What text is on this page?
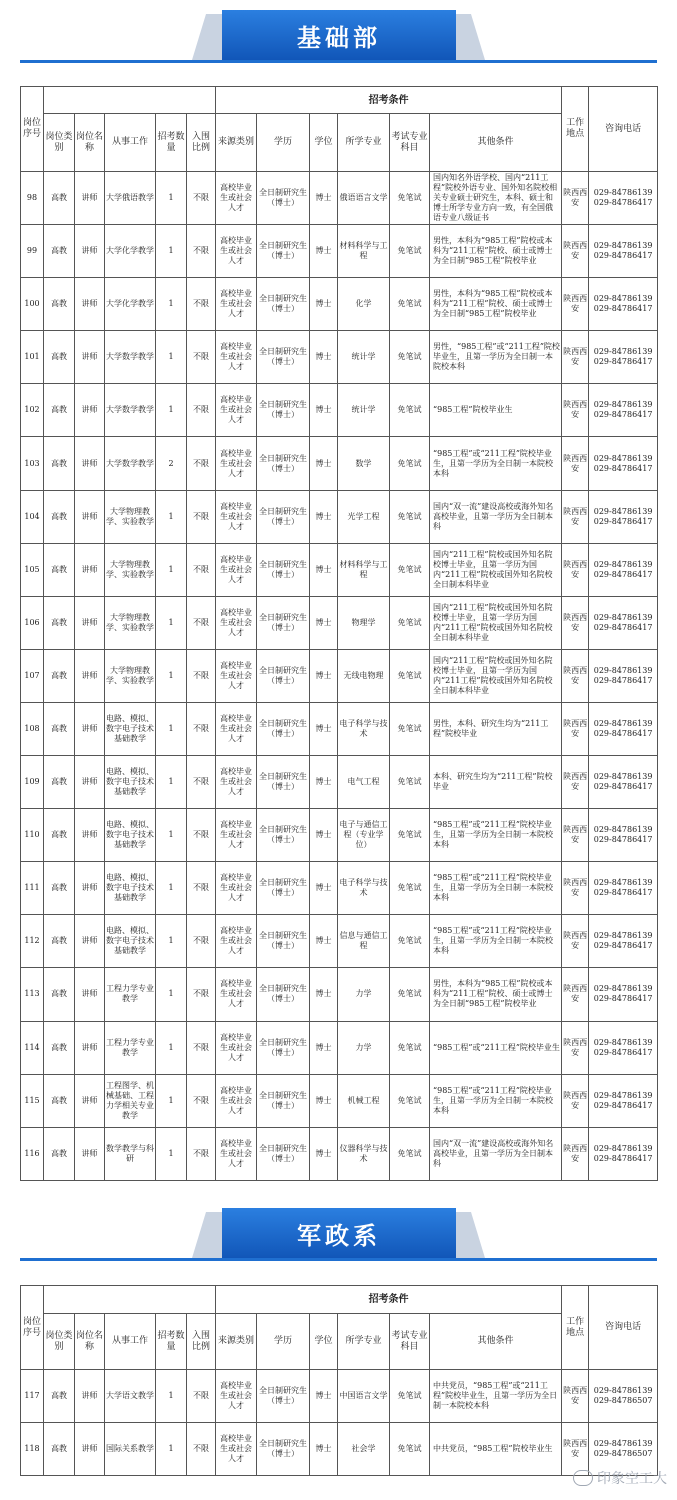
基础部
岗位序号						招考条件						工作地点	咨询电话
	岗位类别	岗位名称	从事工作	招考数量	入围比例	来源类别	学历	学位	所学专业	考试专业科目	其他条件		
98	高教	讲师	大学俄语教学	1	不限	高校毕业生或社会人才	全日制研究生（博士）	博士	俄语语言文学	免笔试	国内知名外语学校、国内“211工程”院校外语专业、国外知名院校相关专业硕士研究生，本科、硕士和博士所学专业方向一致，有全国俄语专业八级证书	陕西西安	029-84786139
029-84786417

99	高教	讲师	大学化学教学	1	不限	高校毕业生或社会人才	全日制研究生（博士）	博士	材料科学与工程	免笔试	男性，本科为“985工程”院校或本科为“211工程”院校、硕士或博士为全日制“985工程”院校毕业	陕西西安	029-84786139
029-84786417

100	高教	讲师	大学化学教学	1	不限	高校毕业生或社会人才	全日制研究生（博士）	博士	化学	免笔试	男性，本科为“985工程”院校或本科为“211工程”院校、硕士或博士为全日制“985工程”院校毕业	陕西西安	029-84786139
029-84786417

101	高教	讲师	大学数学教学	1	不限	高校毕业生或社会人才	全日制研究生（博士）	博士	统计学	免笔试	男性，“985工程”或“211工程”院校毕业生，且第一学历为全日制一本院校本科	陕西西安	029-84786139
029-84786417

102	高教	讲师	大学数学教学	1	不限	高校毕业生或社会人才	全日制研究生（博士）	博士	统计学	免笔试	“985工程”院校毕业生	陕西西安	029-84786139
029-84786417

103	高教	讲师	大学数学教学	2	不限	高校毕业生或社会人才	全日制研究生（博士）	博士	数学	免笔试	“985工程”或“211工程”院校毕业生，且第一学历为全日制一本院校本科	陕西西安	029-84786139
029-84786417

104	高教	讲师	大学物理教学、实验教学	1	不限	高校毕业生或社会人才	全日制研究生（博士）	博士	光学工程	免笔试	国内“双一流”建设高校或海外知名高校毕业，且第一学历为全日制本科	陕西西安	029-84786139
029-84786417

105	高教	讲师	大学物理教学、实验教学	1	不限	高校毕业生或社会人才	全日制研究生（博士）	博士	材料科学与工程	免笔试	国内“211工程”院校或国外知名院校博士毕业，且第一学历为国内“211工程”院校或国外知名院校全日制本科毕业	陕西西安	029-84786139
029-84786417

106	高教	讲师	大学物理教学、实验教学	1	不限	高校毕业生或社会人才	全日制研究生（博士）	博士	物理学	免笔试	国内“211工程”院校或国外知名院校博士毕业，且第一学历为国内“211工程”院校或国外知名院校全日制本科毕业	陕西西安	029-84786139
029-84786417

107	高教	讲师	大学物理教学、实验教学	1	不限	高校毕业生或社会人才	全日制研究生（博士）	博士	无线电物理	免笔试	国内“211工程”院校或国外知名院校博士毕业，且第一学历为国内“211工程”院校或国外知名院校全日制本科毕业	陕西西安	029-84786139
029-84786417

108	高教	讲师	电路、模拟、数字电子技术基础教学	1	不限	高校毕业生或社会人才	全日制研究生（博士）	博士	电子科学与技术	免笔试	男性，本科、研究生均为“211工程”院校毕业	陕西西安	029-84786139
029-84786417

109	高教	讲师	电路、模拟、数字电子技术基础教学	1	不限	高校毕业生或社会人才	全日制研究生（博士）	博士	电气工程	免笔试	本科、研究生均为“211工程”院校毕业	陕西西安	029-84786139
029-84786417

110	高教	讲师	电路、模拟、数字电子技术基础教学	1	不限	高校毕业生或社会人才	全日制研究生（博士）	博士	电子与通信工程（专业学位）	免笔试	“985工程”或“211工程”院校毕业生，且第一学历为全日制一本院校本科	陕西西安	029-84786139
029-84786417

111	高教	讲师	电路、模拟、数字电子技术基础教学	1	不限	高校毕业生或社会人才	全日制研究生（博士）	博士	电子科学与技术	免笔试	“985工程”或“211工程”院校毕业生，且第一学历为全日制一本院校本科	陕西西安	029-84786139
029-84786417

112	高教	讲师	电路、模拟、数字电子技术基础教学	1	不限	高校毕业生或社会人才	全日制研究生（博士）	博士	信息与通信工程	免笔试	“985工程”或“211工程”院校毕业生，且第一学历为全日制一本院校本科	陕西西安	029-84786139
029-84786417

113	高教	讲师	工程力学专业教学	1	不限	高校毕业生或社会人才	全日制研究生（博士）	博士	力学	免笔试	男性，本科为“985工程”院校或本科为“211工程”院校、硕士或博士为全日制“985工程”院校毕业	陕西西安	029-84786139
029-84786417

114	高教	讲师	工程力学专业教学	1	不限	高校毕业生或社会人才	全日制研究生（博士）	博士	力学	免笔试	“985工程”或“211工程”院校毕业生	陕西西安	029-84786139
029-84786417

115	高教	讲师	工程图学、机械基础、工程力学相关专业教学	1	不限	高校毕业生或社会人才	全日制研究生（博士）	博士	机械工程	免笔试	“985工程”或“211工程”院校毕业生，且第一学历为全日制一本院校本科	陕西西安	029-84786139
029-84786417

116	高教	讲师	数学教学与科研	1	不限	高校毕业生或社会人才	全日制研究生（博士）	博士	仪器科学与技术	免笔试	国内“双一流”建设高校或海外知名高校毕业，且第一学历为全日制本科	陕西西安	029-84786139
029-84786417
军政系
岗位序号						招考条件						工作地点	咨询电话
	岗位类别	岗位名称	从事工作	招考数量	入围比例	来源类别	学历	学位	所学专业	考试专业科目	其他条件		
117	高教	讲师	大学语文教学	1	不限	高校毕业生或社会人才	全日制研究生（博士）	博士	中国语言文学	免笔试	中共党员，“985工程”或“211工程”院校毕业生，且第一学历为全日制一本院校本科	陕西西安	029-84786139
029-84786507

118	高教	讲师	国际关系教学	1	不限	高校毕业生或社会人才	全日制研究生（博士）	博士	社会学	免笔试	中共党员，“985工程”院校毕业生	陕西西安	029-84786139
029-84786507
印象空工大
